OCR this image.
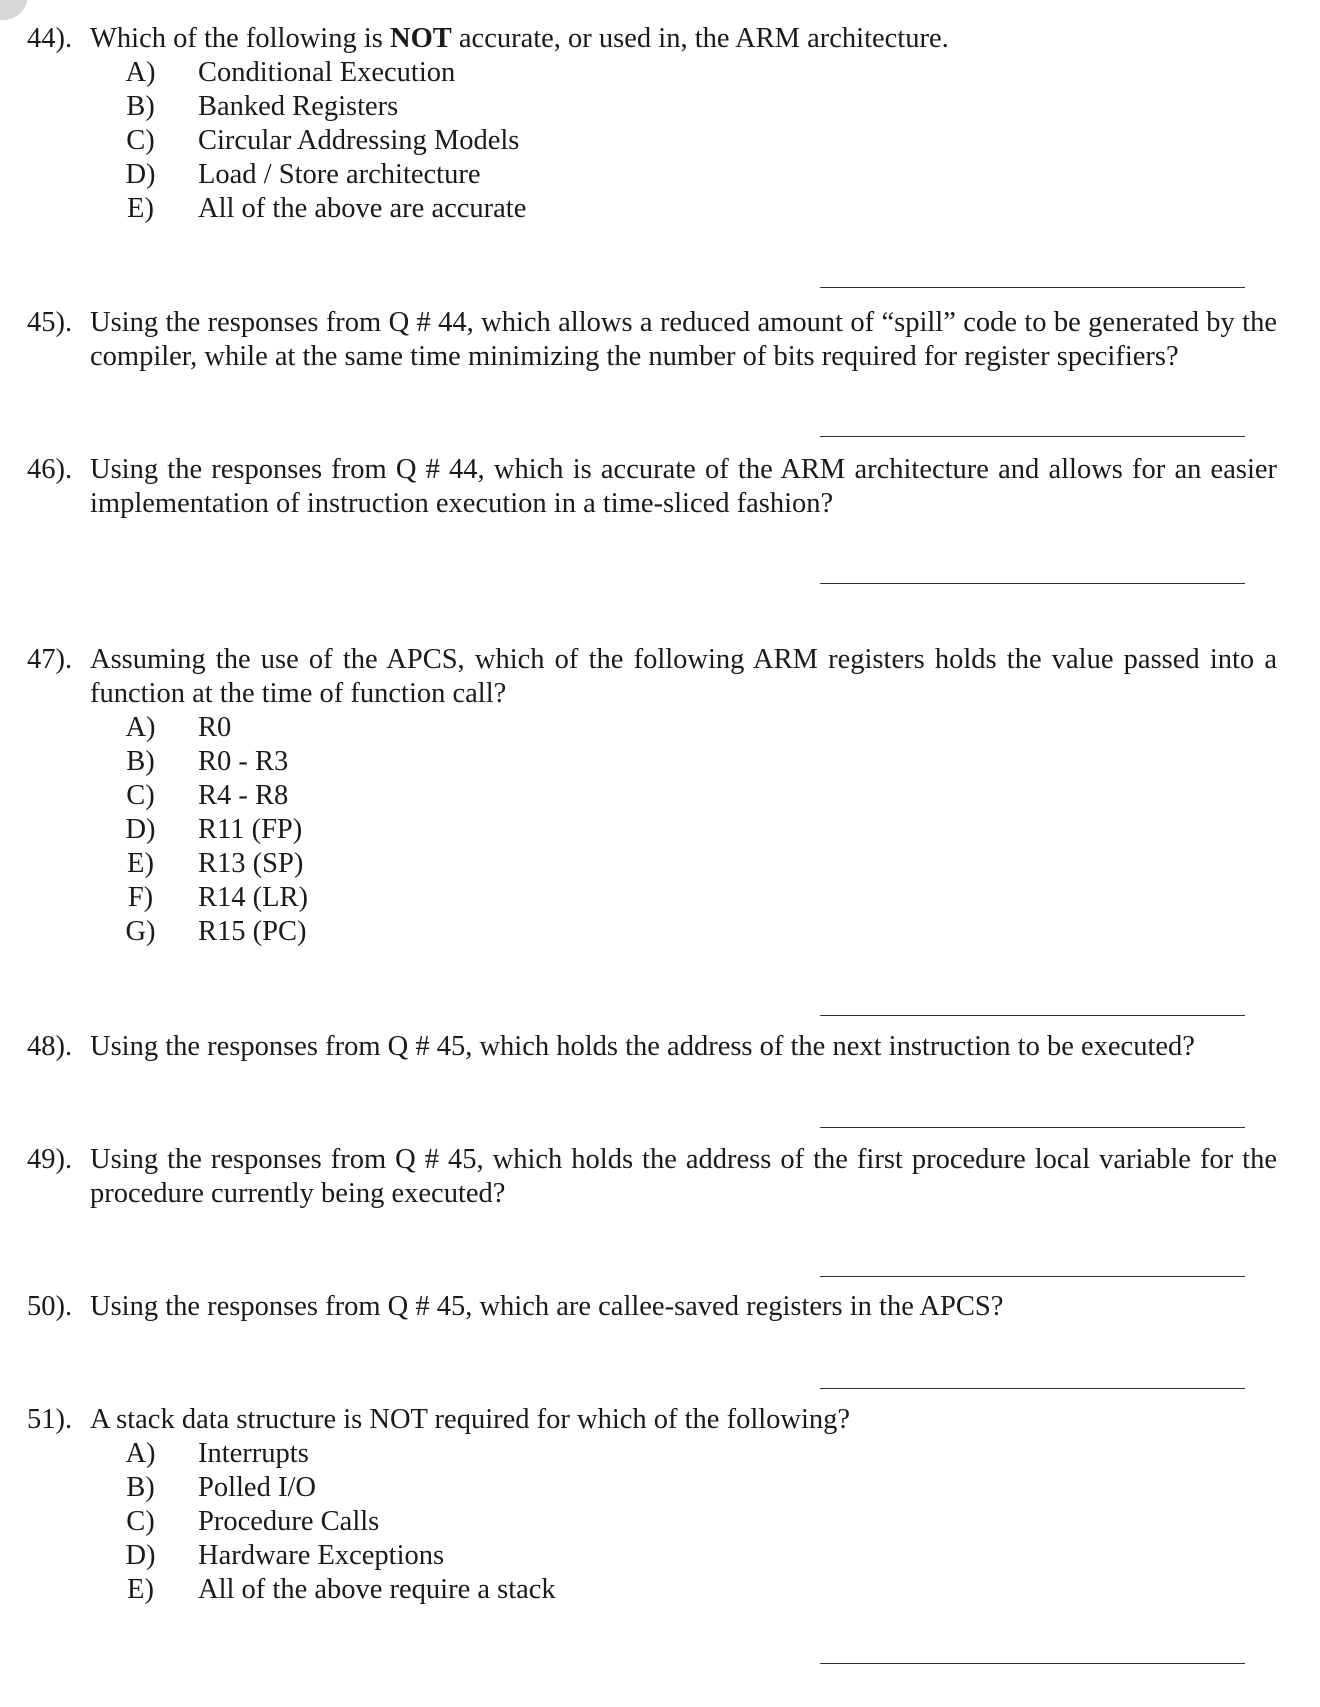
44). Which of the following is NOT accurate, or used in, the ARM architecture.
A)	Conditional Execution
B)	Banked Registers
C)	Circular Addressing Models
D)	Load / Store architecture
E)	All of the above are accurate
45). Using the responses from Q # 44, which allows a reduced amount of “spill” code to be generated by the compiler, while at the same time minimizing the number of bits required for register specifiers?
46). Using the responses from Q # 44, which is accurate of the ARM architecture and allows for an easier implementation of instruction execution in a time-sliced fashion?
47). Assuming the use of the APCS, which of the following ARM registers holds the value passed into a function at the time of function call?
A)	R0
B)	R0 - R3
C)	R4 - R8
D)	R11 (FP)
E)	R13 (SP)
F)	R14 (LR)
G)	R15 (PC)
48). Using the responses from Q # 45, which holds the address of the next instruction to be executed?
49). Using the responses from Q # 45, which holds the address of the first procedure local variable for the procedure currently being executed?
50). Using the responses from Q # 45, which are callee-saved registers in the APCS?
51). A stack data structure is NOT required for which of the following?
A)	Interrupts
B)	Polled I/O
C)	Procedure Calls
D)	Hardware Exceptions
E)	All of the above require a stack
